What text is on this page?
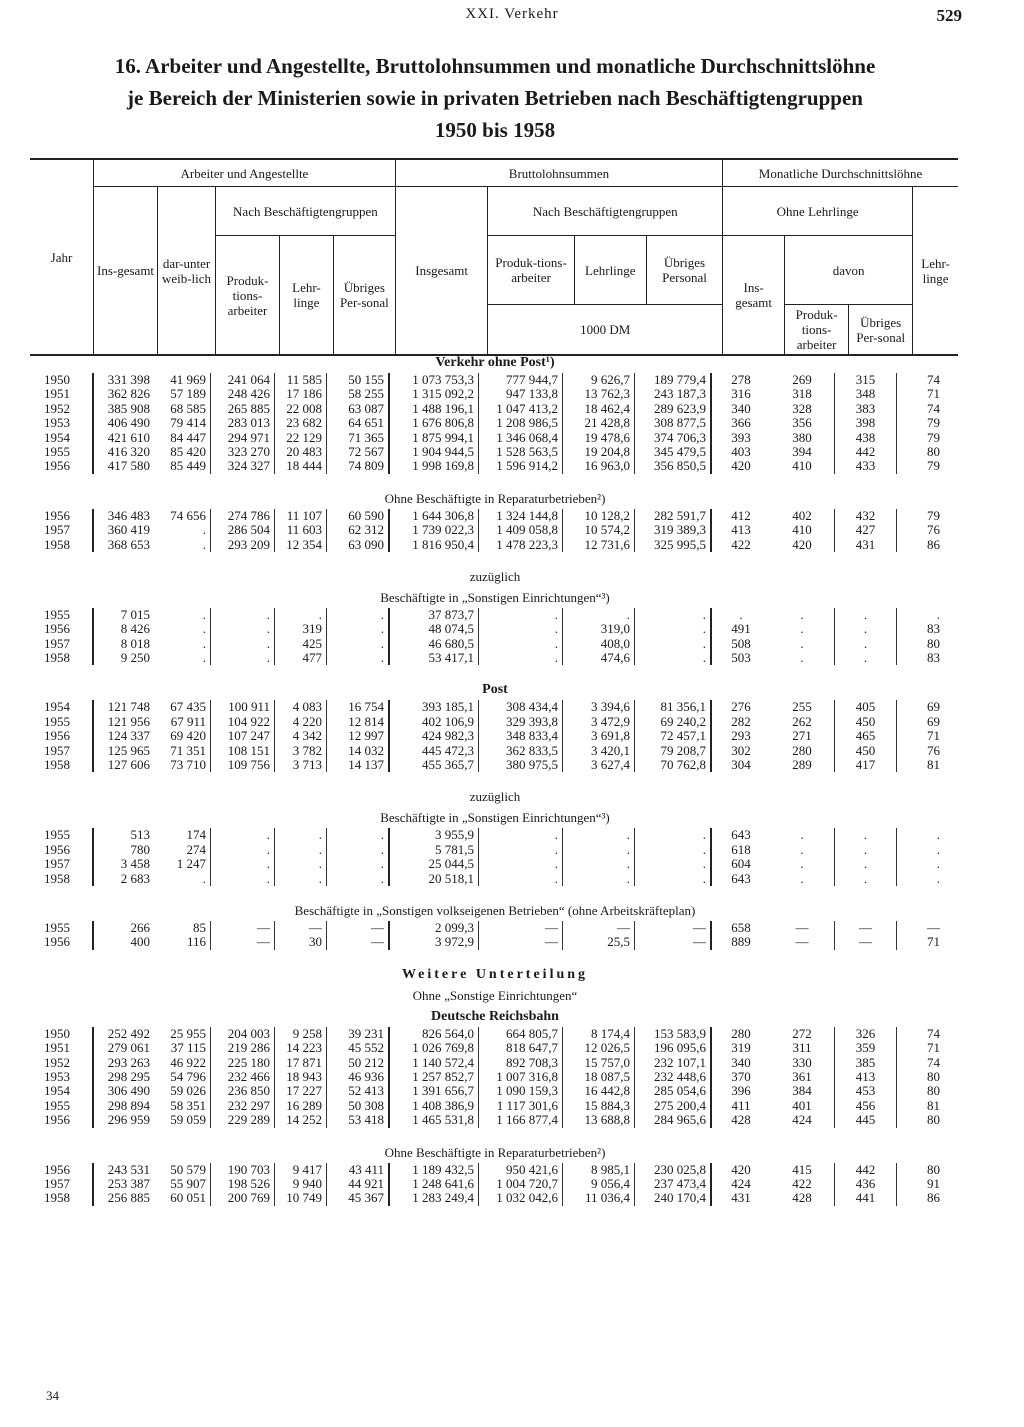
XXI. Verkehr	529
16. Arbeiter und Angestellte, Bruttolohnsummen und monatliche Durchschnittslöhne
je Bereich der Ministerien sowie in privaten Betrieben nach Beschäftigtengruppen
1950 bis 1958
Jahr	Arbeiter und Angestellte					Bruttolohnsummen				Monatliche Durchschnittslöhne			
	Ins-gesamt	dar-unter weib-lich	Nach Beschäftigtengruppen			Insgesamt	Nach Beschäftigtengruppen			Ohne Lehrlinge			Lehr-linge
			Produk-tions-arbeiter	Lehr-linge	Übriges Per-sonal		Produk-tions-arbeiter	Lehrlinge	Übriges Personal	Ins-gesamt	davon		
							1000 DM				Produk-tions-arbeiter	Übriges Per-sonal	
Verkehr ohne Post¹)
1950	331 398	41 969	241 064	11 585	50 155	1 073 753,3	777 944,7	9 626,7	189 779,4	278	269	315	74
1951	362 826	57 189	248 426	17 186	58 255	1 315 092,2	947 133,8	13 762,3	243 187,3	316	318	348	71
1952	385 908	68 585	265 885	22 008	63 087	1 488 196,1	1 047 413,2	18 462,4	289 623,9	340	328	383	74
1953	406 490	79 414	283 013	23 682	64 651	1 676 806,8	1 208 986,5	21 428,8	308 877,5	366	356	398	79
1954	421 610	84 447	294 971	22 129	71 365	1 875 994,1	1 346 068,4	19 478,6	374 706,3	393	380	438	79
1955	416 320	85 420	323 270	20 483	72 567	1 904 944,5	1 528 563,5	19 204,8	345 479,5	403	394	442	80
1956	417 580	85 449	324 327	18 444	74 809	1 998 169,8	1 596 914,2	16 963,0	356 850,5	420	410	433	79
Ohne Beschäftigte in Reparaturbetrieben²)
1956	346 483	74 656	274 786	11 107	60 590	1 644 306,8	1 324 144,8	10 128,2	282 591,7	412	402	432	79
1957	360 419	.	286 504	11 603	62 312	1 739 022,3	1 409 058,8	10 574,2	319 389,3	413	410	427	76
1958	368 653	.	293 209	12 354	63 090	1 816 950,4	1 478 223,3	12 731,6	325 995,5	422	420	431	86
zuzüglich
Beschäftigte in „Sonstigen Einrichtungen“³)
1955	7 015	.	.	.	.	37 873,7	.	.	.	.	.	.	.
1956	8 426	.	.	319	.	48 074,5	.	319,0	.	491	.	.	83
1957	8 018	.	.	425	.	46 680,5	.	408,0	.	508	.	.	80
1958	9 250	.	.	477	.	53 417,1	.	474,6	.	503	.	.	83
Post
1954	121 748	67 435	100 911	4 083	16 754	393 185,1	308 434,4	3 394,6	81 356,1	276	255	405	69
1955	121 956	67 911	104 922	4 220	12 814	402 106,9	329 393,8	3 472,9	69 240,2	282	262	450	69
1956	124 337	69 420	107 247	4 342	12 997	424 982,3	348 833,4	3 691,8	72 457,1	293	271	465	71
1957	125 965	71 351	108 151	3 782	14 032	445 472,3	362 833,5	3 420,1	79 208,7	302	280	450	76
1958	127 606	73 710	109 756	3 713	14 137	455 365,7	380 975,5	3 627,4	70 762,8	304	289	417	81
zuzüglich
Beschäftigte in „Sonstigen Einrichtungen“³)
1955	513	174	.	.	.	3 955,9	.	.	.	643	.	.	.
1956	780	274	.	.	.	5 781,5	.	.	.	618	.	.	.
1957	3 458	1 247	.	.	.	25 044,5	.	.	.	604	.	.	.
1958	2 683	.	.	.	.	20 518,1	.	.	.	643	.	.	.
Beschäftigte in „Sonstigen volkseigenen Betrieben“ (ohne Arbeitskräfteplan)
1955	266	85	—	—	—	2 099,3	—	—	—	658	—	—	—
1956	400	116	—	30	—	3 972,9	—	25,5	—	889	—	—	71
Weitere Unterteilung
Ohne „Sonstige Einrichtungen“
Deutsche Reichsbahn
1950	252 492	25 955	204 003	9 258	39 231	826 564,0	664 805,7	8 174,4	153 583,9	280	272	326	74
1951	279 061	37 115	219 286	14 223	45 552	1 026 769,8	818 647,7	12 026,5	196 095,6	319	311	359	71
1952	293 263	46 922	225 180	17 871	50 212	1 140 572,4	892 708,3	15 757,0	232 107,1	340	330	385	74
1953	298 295	54 796	232 466	18 943	46 936	1 257 852,7	1 007 316,8	18 087,5	232 448,6	370	361	413	80
1954	306 490	59 026	236 850	17 227	52 413	1 391 656,7	1 090 159,3	16 442,8	285 054,6	396	384	453	80
1955	298 894	58 351	232 297	16 289	50 308	1 408 386,9	1 117 301,6	15 884,3	275 200,4	411	401	456	81
1956	296 959	59 059	229 289	14 252	53 418	1 465 531,8	1 166 877,4	13 688,8	284 965,6	428	424	445	80
Ohne Beschäftigte in Reparaturbetrieben²)
1956	243 531	50 579	190 703	9 417	43 411	1 189 432,5	950 421,6	8 985,1	230 025,8	420	415	442	80
1957	253 387	55 907	198 526	9 940	44 921	1 248 641,6	1 004 720,7	9 056,4	237 473,4	424	422	436	91
1958	256 885	60 051	200 769	10 749	45 367	1 283 249,4	1 032 042,6	11 036,4	240 170,4	431	428	441	86
34
